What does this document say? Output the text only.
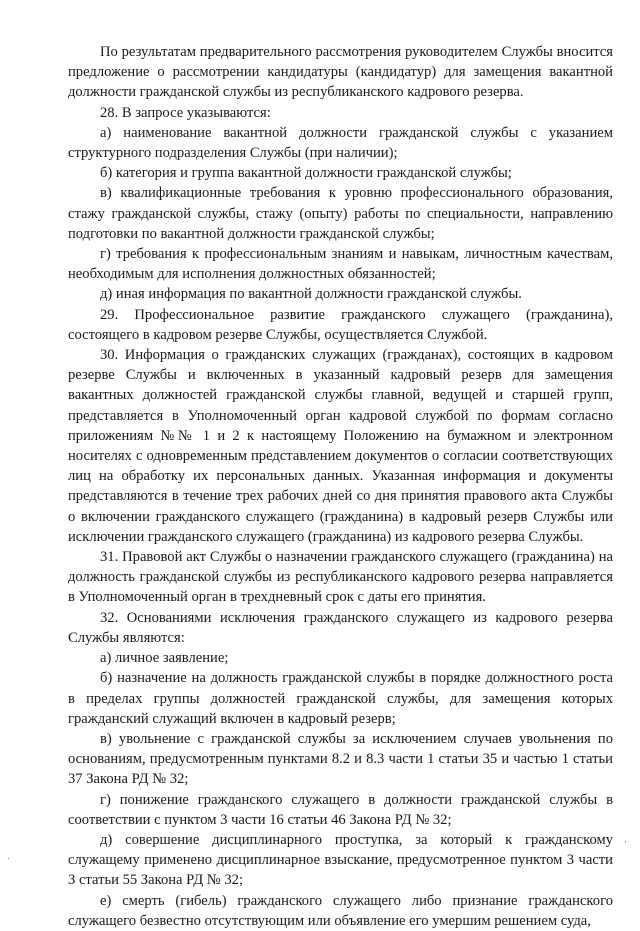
По результатам предварительного рассмотрения руководителем Службы вносится предложение о рассмотрении кандидатуры (кандидатур) для замещения вакантной должности гражданской службы из республиканского кадрового резерва.

28. В запросе указываются:

а) наименование вакантной должности гражданской службы с указанием структурного подразделения Службы (при наличии);

б) категория и группа вакантной должности гражданской службы;

в) квалификационные требования к уровню профессионального образования, стажу гражданской службы, стажу (опыту) работы по специальности, направлению подготовки по вакантной должности гражданской службы;

г) требования к профессиональным знаниям и навыкам, личностным качествам, необходимым для исполнения должностных обязанностей;

д) иная информация по вакантной должности гражданской службы.

29. Профессиональное развитие гражданского служащего (гражданина), состоящего в кадровом резерве Службы, осуществляется Службой.

30. Информация о гражданских служащих (гражданах), состоящих в кадровом резерве Службы и включенных в указанный кадровый резерв для замещения вакантных должностей гражданской службы главной, ведущей и старшей групп, представляется в Уполномоченный орган кадровой службой по формам согласно приложениям №№ 1 и 2 к настоящему Положению на бумажном и электронном носителях с одновременным представлением документов о согласии соответствующих лиц на обработку их персональных данных. Указанная информация и документы представляются в течение трех рабочих дней со дня принятия правового акта Службы о включении гражданского служащего (гражданина) в кадровый резерв Службы или исключении гражданского служащего (гражданина) из кадрового резерва Службы.

31. Правовой акт Службы о назначении гражданского служащего (гражданина) на должность гражданской службы из республиканского кадрового резерва направляется в Уполномоченный орган в трехдневный срок с даты его принятия.

32. Основаниями исключения гражданского служащего из кадрового резерва Службы являются:

а) личное заявление;

б) назначение на должность гражданской службы в порядке должностного роста в пределах группы должностей гражданской службы, для замещения которых гражданский служащий включен в кадровый резерв;

в) увольнение с гражданской службы за исключением случаев увольнения по основаниям, предусмотренным пунктами 8.2 и 8.3 части 1 статьи 35 и частью 1 статьи 37 Закона РД № 32;

г) понижение гражданского служащего в должности гражданской службы в соответствии с пунктом 3 части 16 статьи 46 Закона РД № 32;

д) совершение дисциплинарного проступка, за который к гражданскому служащему применено дисциплинарное взыскание, предусмотренное пунктом 3 части 3 статьи 55 Закона РД № 32;

е) смерть (гибель) гражданского служащего либо признание гражданского служащего безвестно отсутствующим или объявление его умершим решением суда,

˙
·
